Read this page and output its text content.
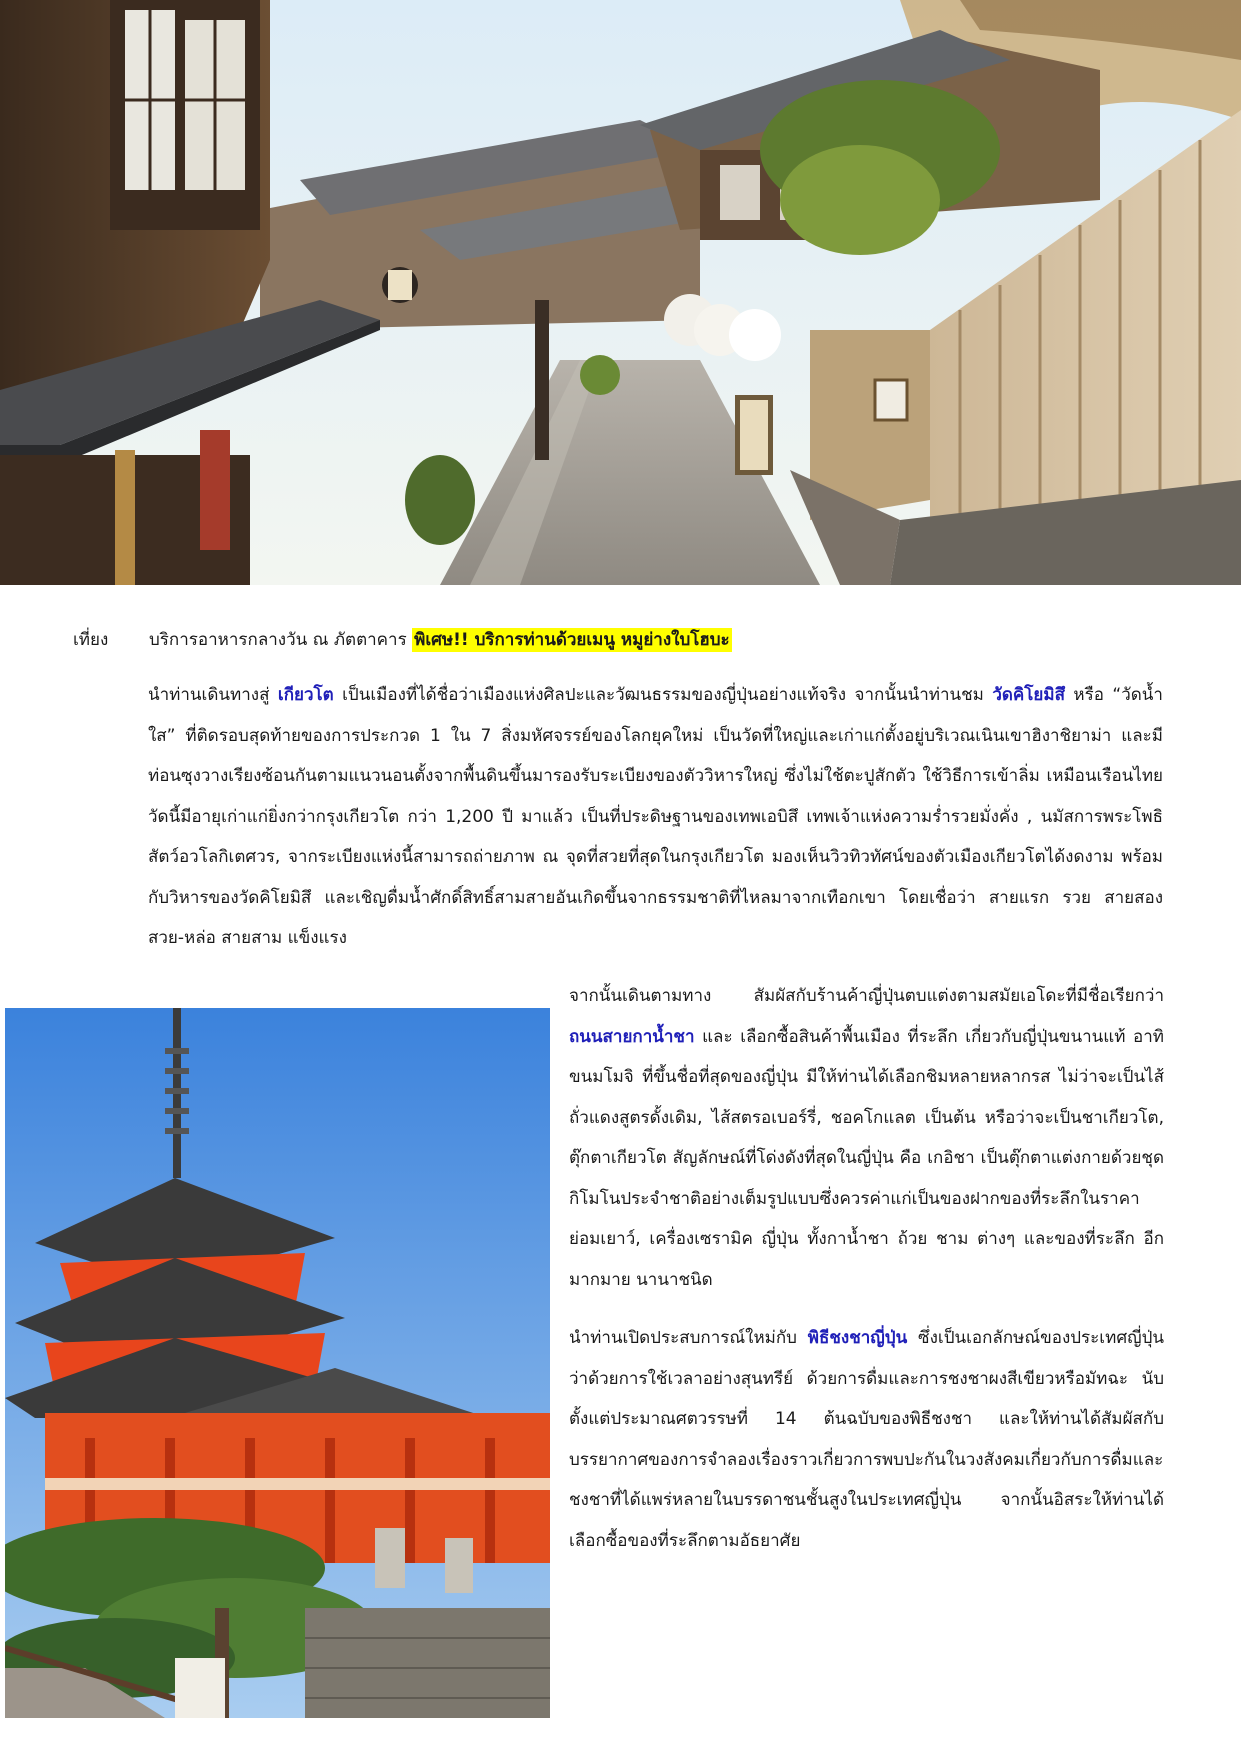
เที่ยง บริการอาหารกลางวัน ณ ภัตตาคาร พิเศษ!! บริการท่านด้วยเมนู หมูย่างใบโฮบะ

นำท่านเดินทางสู่ เกียวโต เป็นเมืองที่ได้ชื่อว่าเมืองแห่งศิลปะและวัฒนธรรมของญี่ปุ่นอย่างแท้จริง จากนั้นนำท่านชม วัดคิโยมิสึ หรือ “วัดน้ำใส” ที่ติดรอบสุดท้ายของการประกวด 1 ใน 7 สิ่งมหัศจรรย์ของโลกยุคใหม่ เป็นวัดที่ใหญ่และเก่าแก่ตั้งอยู่บริเวณเนินเขาฮิงาชิยาม่า และมีท่อนซุงวางเรียงซ้อนกันตามแนวนอนตั้งจากพื้นดินขึ้นมารองรับระเบียงของตัววิหารใหญ่ ซึ่งไม่ใช้ตะปูสักตัว ใช้วิธีการเข้าลิ่ม เหมือนเรือนไทย วัดนี้มีอายุเก่าแก่ยิ่งกว่ากรุงเกียวโต กว่า 1,200 ปี มาแล้ว เป็นที่ประดิษฐานของเทพเอบิสึ เทพเจ้าแห่งความร่ำรวยมั่งคั่ง , นมัสการพระโพธิสัตว์อวโลกิเตศวร, จากระเบียงแห่งนี้สามารถถ่ายภาพ ณ จุดที่สวยที่สุดในกรุงเกียวโต มองเห็นวิวทิวทัศน์ของตัวเมืองเกียวโตได้งดงาม พร้อมกับวิหารของวัดคิโยมิสึ และเชิญดื่มน้ำศักดิ์สิทธิ์สามสายอันเกิดขึ้นจากธรรมชาติที่ไหลมาจากเทือกเขา โดยเชื่อว่า สายแรก รวย สายสอง สวย-หล่อ สายสาม แข็งแรง

จากนั้นเดินตามทาง สัมผัสกับร้านค้าญี่ปุ่นตบแต่งตามสมัยเอโดะที่มีชื่อเรียกว่า ถนนสายกาน้ำชา และ เลือกซื้อสินค้าพื้นเมือง ที่ระลึก เกี่ยวกับญี่ปุ่นขนานแท้ อาทิ ขนมโมจิ ที่ขึ้นชื่อที่สุดของญี่ปุ่น มีให้ท่านได้เลือกชิมหลายหลากรส ไม่ว่าจะเป็นไส้ถั่วแดงสูตรดั้งเดิม, ไส้สตรอเบอร์รี่, ชอคโกแลต เป็นต้น หรือว่าจะเป็นชาเกียวโต, ตุ๊กตาเกียวโต สัญลักษณ์ที่โด่งดังที่สุดในญี่ปุ่น คือ เกอิชา เป็นตุ๊กตาแต่งกายด้วยชุดกิโมโนประจำชาติอย่างเต็มรูปแบบซึ่งควรค่าแก่เป็นของฝากของที่ระลึกในราคาย่อมเยาว์, เครื่องเซรามิค ญี่ปุ่น ทั้งกาน้ำชา ถ้วย ชาม ต่างๆ และของที่ระลึก อีกมากมาย นานาชนิด

นำท่านเปิดประสบการณ์ใหม่กับ พิธีชงชาญี่ปุ่น ซึ่งเป็นเอกลักษณ์ของประเทศญี่ปุ่นว่าด้วยการใช้เวลาอย่างสุนทรีย์ ด้วยการดื่มและการชงชาผงสีเขียวหรือมัทฉะ นับตั้งแต่ประมาณศตวรรษที่ 14 ต้นฉบับของพิธีชงชา และให้ท่านได้สัมผัสกับบรรยากาศของการจำลองเรื่องราวเกี่ยวการพบปะกันในวงสังคมเกี่ยวกับการดื่มและชงชาที่ได้แพร่หลายในบรรดาชนชั้นสูงในประเทศญี่ปุ่น จากนั้นอิสระให้ท่านได้เลือกซื้อของที่ระลึกตามอัธยาศัย
